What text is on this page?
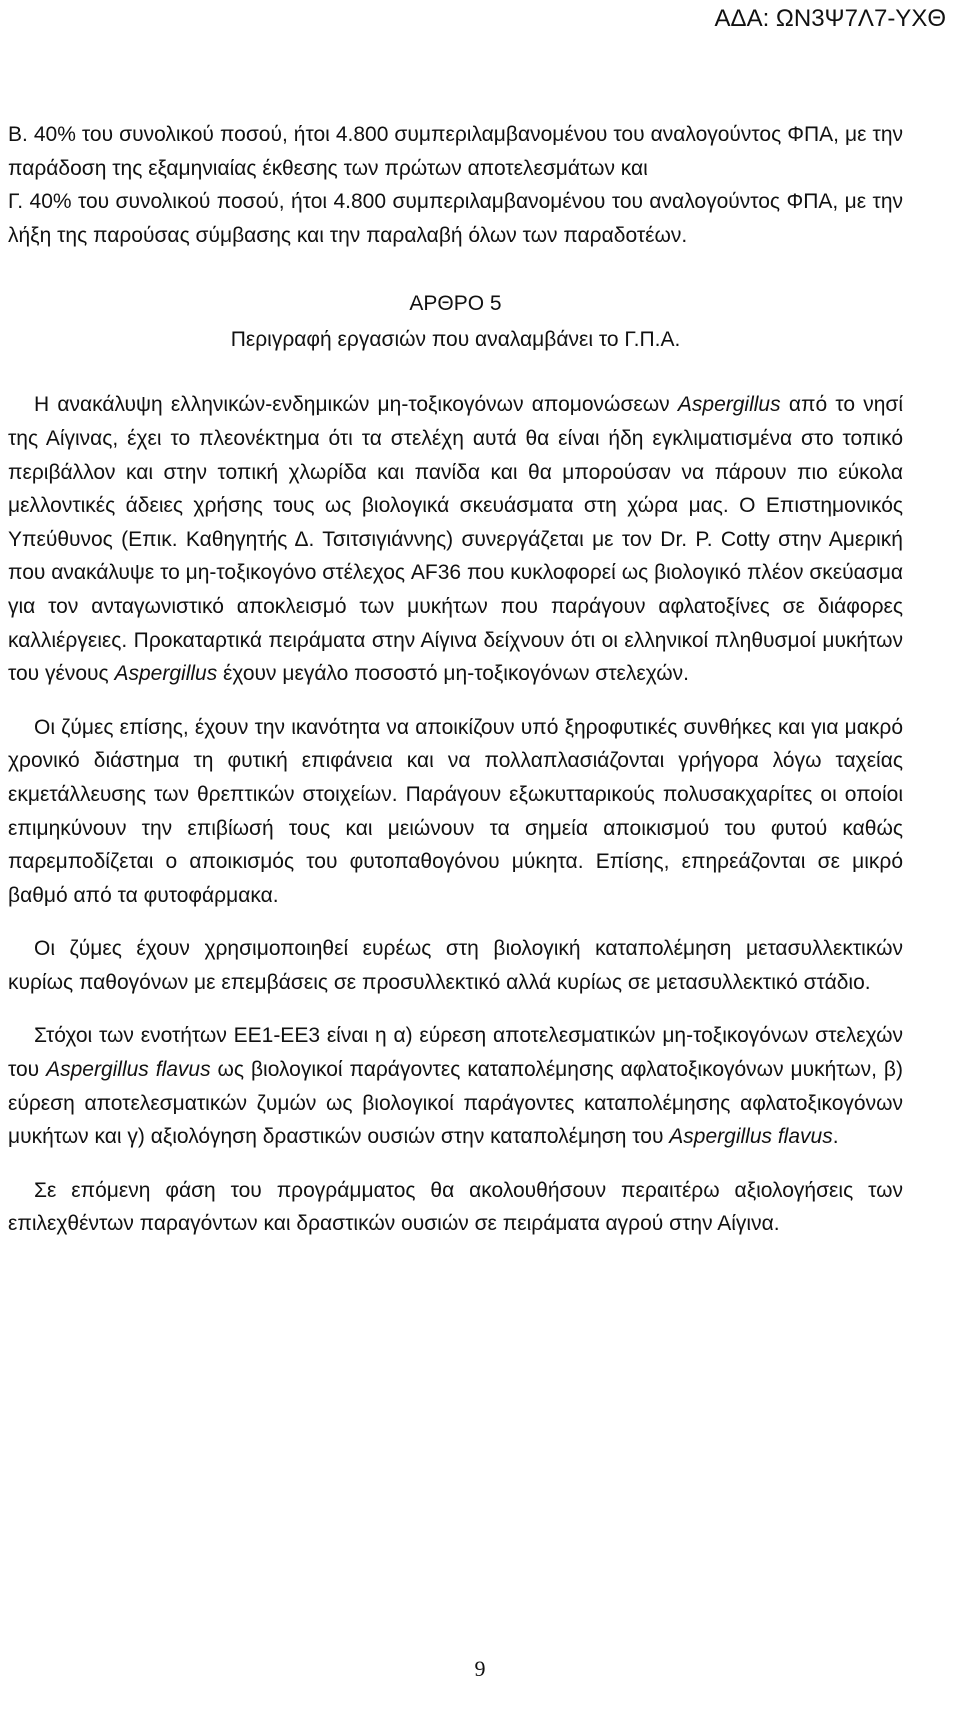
ΑΔΑ: ΩΝ3Ψ7Λ7-ΥΧΘ

Β. 40% του συνολικού ποσού, ήτοι 4.800 συμπεριλαμβανομένου του αναλογούντος ΦΠΑ, με την παράδοση της εξαμηνιαίας έκθεσης των πρώτων αποτελεσμάτων και

Γ. 40% του συνολικού ποσού, ήτοι 4.800 συμπεριλαμβανομένου του αναλογούντος ΦΠΑ, με την λήξη της παρούσας σύμβασης και την παραλαβή όλων των παραδοτέων.

ΑΡΘΡΟ 5
Περιγραφή εργασιών που αναλαμβάνει το Γ.Π.Α.

Η ανακάλυψη ελληνικών-ενδημικών μη-τοξικογόνων απομονώσεων Aspergillus από το νησί της Αίγινας, έχει το πλεονέκτημα ότι τα στελέχη αυτά θα είναι ήδη εγκλιματισμένα στο τοπικό περιβάλλον και στην τοπική χλωρίδα και πανίδα και θα μπορούσαν να πάρουν πιο εύκολα μελλοντικές άδειες χρήσης τους ως βιολογικά σκευάσματα στη χώρα μας. Ο Επιστημονικός Υπεύθυνος (Επικ. Καθηγητής Δ. Τσιτσιγιάννης) συνεργάζεται με τον Dr. P. Cotty στην Αμερική που ανακάλυψε το μη-τοξικογόνο στέλεχος AF36 που κυκλοφορεί ως βιολογικό πλέον σκεύασμα για τον ανταγωνιστικό αποκλεισμό των μυκήτων που παράγουν αφλατοξίνες σε διάφορες καλλιέργειες. Προκαταρτικά πειράματα στην Αίγινα δείχνουν ότι οι ελληνικοί πληθυσμοί μυκήτων του γένους Aspergillus έχουν μεγάλο ποσοστό μη-τοξικογόνων στελεχών.

Οι ζύμες επίσης, έχουν την ικανότητα να αποικίζουν υπό ξηροφυτικές συνθήκες και για μακρό χρονικό διάστημα τη φυτική επιφάνεια και να πολλαπλασιάζονται γρήγορα λόγω ταχείας εκμετάλλευσης των θρεπτικών στοιχείων. Παράγουν εξωκυτταρικούς πολυσακχαρίτες οι οποίοι επιμηκύνουν την επιβίωσή τους και μειώνουν τα σημεία αποικισμού του φυτού καθώς παρεμποδίζεται ο αποικισμός του φυτοπαθογόνου μύκητα. Επίσης, επηρεάζονται σε μικρό βαθμό από τα φυτοφάρμακα.

Οι ζύμες έχουν χρησιμοποιηθεί ευρέως στη βιολογική καταπολέμηση μετασυλλεκτικών κυρίως παθογόνων με επεμβάσεις σε προσυλλεκτικό αλλά κυρίως σε μετασυλλεκτικό στάδιο.

Στόχοι των ενοτήτων ΕΕ1-ΕΕ3 είναι η α) εύρεση αποτελεσματικών μη-τοξικογόνων στελεχών του Aspergillus flavus ως βιολογικοί παράγοντες καταπολέμησης αφλατοξικογόνων μυκήτων, β) εύρεση αποτελεσματικών ζυμών ως βιολογικοί παράγοντες καταπολέμησης αφλατοξικογόνων μυκήτων και γ) αξιολόγηση δραστικών ουσιών στην καταπολέμηση του Aspergillus flavus.

Σε επόμενη φάση του προγράμματος θα ακολουθήσουν περαιτέρω αξιολογήσεις των επιλεχθέντων παραγόντων και δραστικών ουσιών σε πειράματα αγρού στην Αίγινα.

9
